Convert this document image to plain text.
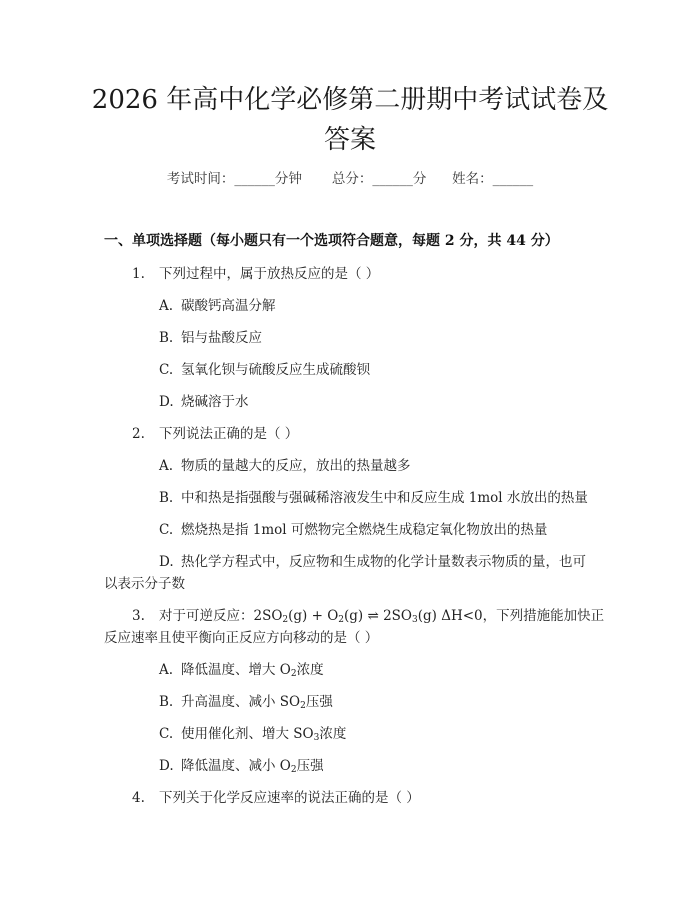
2026 年高中化学必修第二册期中考试试卷及
答案
考试时间：______分钟 总分：______分 姓名：______
一、单项选择题（每小题只有一个选项符合题意，每题 2 分，共 44 分）
1. 下列过程中，属于放热反应的是（ ）
A. 碳酸钙高温分解
B. 铝与盐酸反应
C. 氢氧化钡与硫酸反应生成硫酸钡
D. 烧碱溶于水
2. 下列说法正确的是（ ）
A. 物质的量越大的反应，放出的热量越多
B. 中和热是指强酸与强碱稀溶液发生中和反应生成 1mol 水放出的热量
C. 燃烧热是指 1mol 可燃物完全燃烧生成稳定氧化物放出的热量
D. 热化学方程式中，反应物和生成物的化学计量数表示物质的量，也可
以表示分子数
3. 对于可逆反应：$2SO_2(g) + O_2(g)$ ⇌ $2SO_3(g)$ ΔH<0，下列措施能加快正
反应速率且使平衡向正反应方向移动的是（ ）
A. 降低温度、增大 $O_2$浓度
B. 升高温度、减小 $SO_2$压强
C. 使用催化剂、增大 $SO_3$浓度
D. 降低温度、减小 $O_2$压强
4. 下列关于化学反应速率的说法正确的是（ ）
